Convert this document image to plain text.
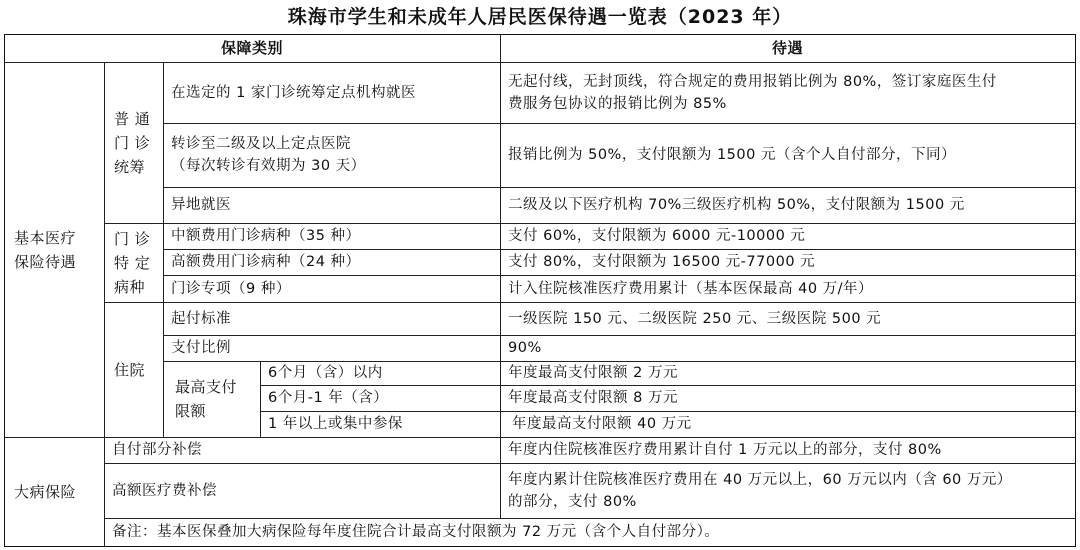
珠海市学生和未成年人居民医保待遇一览表（2023 年）
保障类别	待遇
基本医疗
保险待遇
大病保险
普 通
门 诊
统筹
门 诊
特 定
病种
住院
最高支付
限额
在选定的 1 家门诊统筹定点机构就医
转诊至二级及以上定点医院
（每次转诊有效期为 30 天）
异地就医
中额费用门诊病种（35 种）
高额费用门诊病种（24 种）
门诊专项（9 种）
起付标准
支付比例
6个月（含）以内
6个月-1 年（含）
1 年以上或集中参保
自付部分补偿
高额医疗费补偿
无起付线，无封顶线，符合规定的费用报销比例为 80%，签订家庭医生付
费服务包协议的报销比例为 85%
报销比例为 50%，支付限额为 1500 元（含个人自付部分，下同）
二级及以下医疗机构 70%三级医疗机构 50%，支付限额为 1500 元
支付 60%，支付限额为 6000 元-10000 元
支付 80%，支付限额为 16500 元-77000 元
计入住院核准医疗费用累计（基本医保最高 40 万/年）
一级医院 150 元、二级医院 250 元、三级医院 500 元
90%
年度最高支付限额 2 万元
年度最高支付限额 8 万元
年度最高支付限额 40 万元
年度内住院核准医疗费用累计自付 1 万元以上的部分，支付 80%
年度内累计住院核准医疗费用在 40 万元以上，60 万元以内（含 60 万元）
的部分，支付 80%
备注：基本医保叠加大病保险每年度住院合计最高支付限额为 72 万元（含个人自付部分）。
